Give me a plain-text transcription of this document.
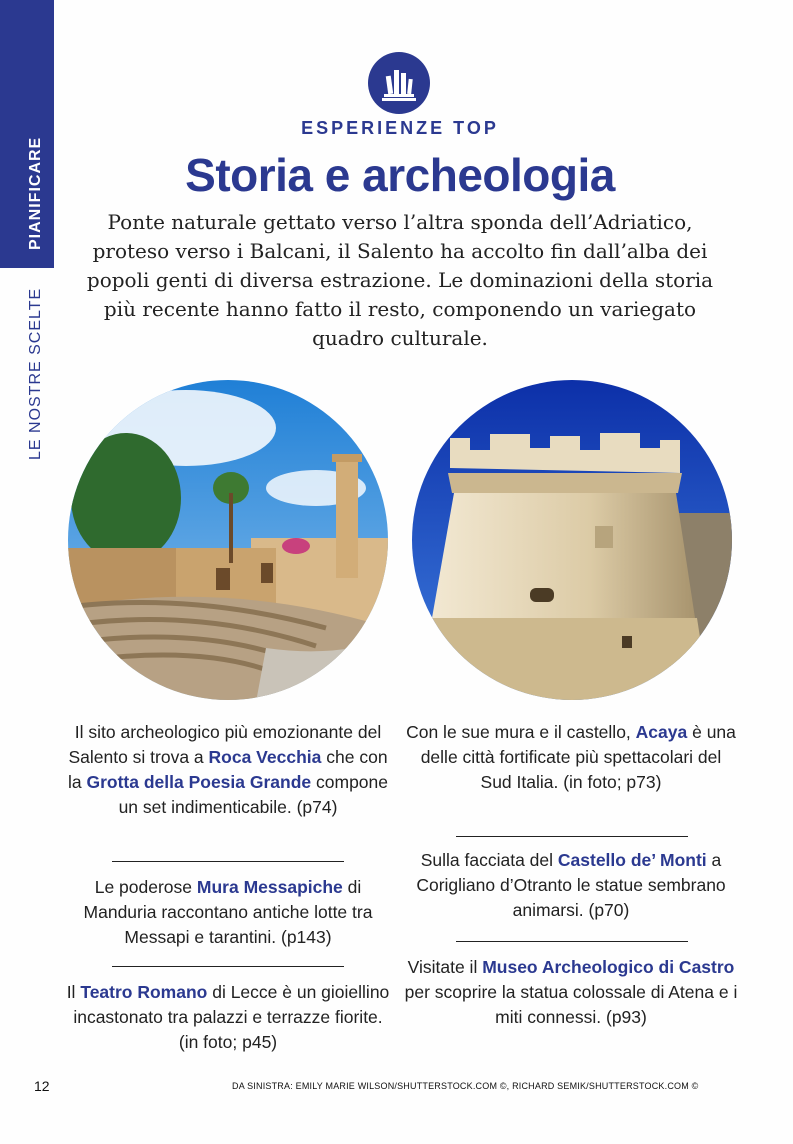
PIANIFICARE
LE NOSTRE SCELTE
ESPERIENZE TOP
Storia e archeologia
Ponte naturale gettato verso l’altra sponda dell’Adriatico, proteso verso i Balcani, il Salento ha accolto fin dall’alba dei popoli genti di diversa estrazione. Le dominazioni della storia più recente hanno fatto il resto, componendo un variegato quadro culturale.
Il sito archeologico più emozionante del Salento si trova a Roca Vecchia che con la Grotta della Poesia Grande compone un set indimenticabile. (p74)
Le poderose Mura Messapiche di Manduria raccontano antiche lotte tra Messapi e tarantini. (p143)
Il Teatro Romano di Lecce è un gioiellino incastonato tra palazzi e terrazze fiorite. (in foto; p45)
Con le sue mura e il castello, Acaya è una delle città fortificate più spettacolari del Sud Italia. (in foto; p73)
Sulla facciata del Castello de’ Monti a Corigliano d’Otranto le statue sembrano animarsi. (p70)
Visitate il Museo Archeologico di Castro per scoprire la statua colossale di Atena e i miti connessi. (p93)
12	DA SINISTRA: EMILY MARIE WILSON/SHUTTERSTOCK.COM ©, RICHARD SEMIK/SHUTTERSTOCK.COM ©
